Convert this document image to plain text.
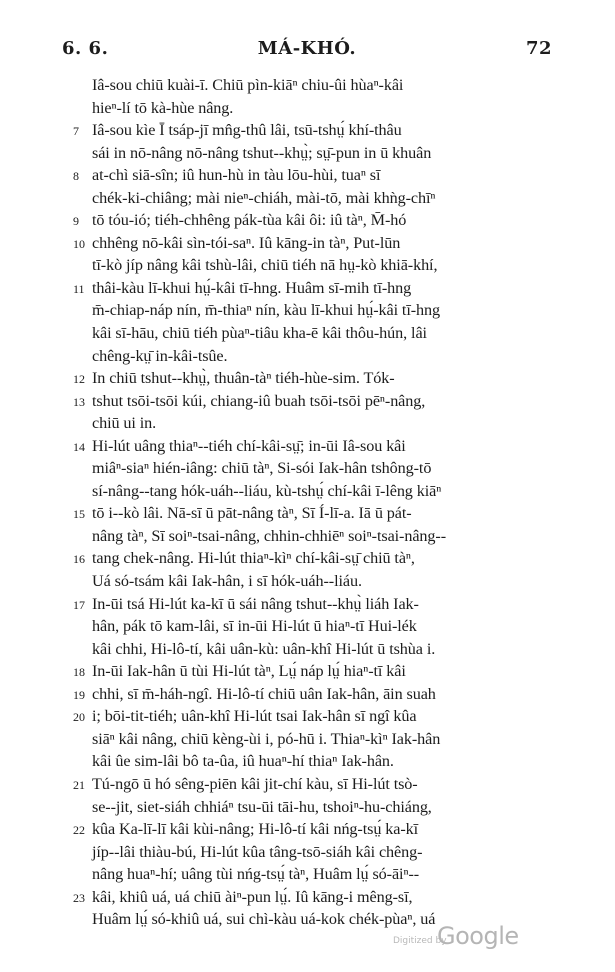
6. 6.	MÁ-KHÓ.	72
Iâ-sou chiū kuài-ī. Chiū pìn-kiāⁿ chiu-ûi hùaⁿ-kâi
hieⁿ-lí tō kà-hùe nâng.
7 Iâ-sou kìe Ī tsáp-jī mn̂g-thû lâi, tsū-tshṳ́ khí-thâu
sái in nō-nâng nō-nâng tshut--khṳ̀; sṳ̄-pun in ū khuân
8 at-chì siā-sîn; iû hun-hù in tàu lōu-hùi, tuaⁿ sī
chék-ki-chiâng; mài nieⁿ-chiáh, mài-tō, mài khǹg-chīⁿ
9 tō tóu-ió; tiéh-chhêng pák-tùa kâi ôi: iû tàⁿ, M̄-hó
10 chhêng nō-kâi sìn-tói-saⁿ. Iû kāng-in tàⁿ, Put-lūn
tī-kò jíp nâng kâi tshù-lâi, chiū tiéh nā hṳ-kò khiā-khí,
11 thâi-kàu lī-khui hṳ́-kâi tī-hng. Huâm sī-mih tī-hng
m̄-chiap-náp nín, m̄-thiaⁿ nín, kàu lī-khui hṳ́-kâi tī-hng
kâi sī-hāu, chiū tiéh pùaⁿ-tiâu kha-ē kâi thôu-hún, lâi
chêng-kṳ̄ in-kâi-tsûe.
12 In chiū tshut--khṳ̀, thuân-tàⁿ tiéh-hùe-sim. Tók-
13 tshut tsōi-tsōi kúi, chiang-iû buah tsōi-tsōi pēⁿ-nâng,
chiū ui in.
14 Hi-lút uâng thiaⁿ--tiéh chí-kâi-sṳ̄; in-ūi Iâ-sou kâi
miâⁿ-siaⁿ hién-iâng: chiū tàⁿ, Si-sói Iak-hân tshông-tō
sí-nâng--tang hók-uáh--liáu, kù-tshṳ́ chí-kâi ī-lêng kiāⁿ
15 tō i--kò lâi. Nā-sī ū pāt-nâng tàⁿ, Sī Í-lī-a. Iā ū pát-
nâng tàⁿ, Sī soiⁿ-tsai-nâng, chhin-chhiēⁿ soiⁿ-tsai-nâng--
16 tang chek-nâng. Hi-lút thiaⁿ-kìⁿ chí-kâi-sṳ̄ chiū tàⁿ,
Uá só-tsám kâi Iak-hân, i sī hók-uáh--liáu.
17 In-ūi tsá Hi-lút ka-kī ū sái nâng tshut--khṳ̀ liáh Iak-
hân, pák tō kam-lâi, sī in-ūi Hi-lút ū hiaⁿ-tī Hui-lék
kâi chhi, Hi-lô-tí, kâi uân-kù: uân-khî Hi-lút ū tshùa i.
18 In-ūi Iak-hân ū tùi Hi-lút tàⁿ, Lṳ́ náp lṳ́ hiaⁿ-tī kâi
19 chhi, sī m̄-háh-ngî. Hi-lô-tí chiū uân Iak-hân, āin suah
20 i; bōi-tit-tiéh; uân-khî Hi-lút tsai Iak-hân sī ngî kûa
siāⁿ kâi nâng, chiū kèng-ùi i, pó-hū i. Thiaⁿ-kìⁿ Iak-hân
kâi ûe sim-lâi bô ta-ûa, iû huaⁿ-hí thiaⁿ Iak-hân.
21 Tú-ngō ū hó sêng-piēn kâi jit-chí kàu, sī Hi-lút tsò-
se--jit, siet-siáh chhiáⁿ tsu-ūi tāi-hu, tshoiⁿ-hu-chiáng,
22 kûa Ka-lī-lī kâi kùi-nâng; Hi-lô-tí kâi nńg-tsṳ́ ka-kī
jíp--lâi thiàu-bú, Hi-lút kûa tâng-tsō-siáh kâi chêng-
nâng huaⁿ-hí; uâng tùi nńg-tsṳ́ tàⁿ, Huâm lṳ́ só-āiⁿ--
23 kâi, khiû uá, uá chiū àiⁿ-pun lṳ́. Iû kāng-i mêng-sī,
Huâm lṳ́ só-khiû uá, sui chì-kàu uá-kok chék-pùaⁿ, uá
Digitized by
Google
